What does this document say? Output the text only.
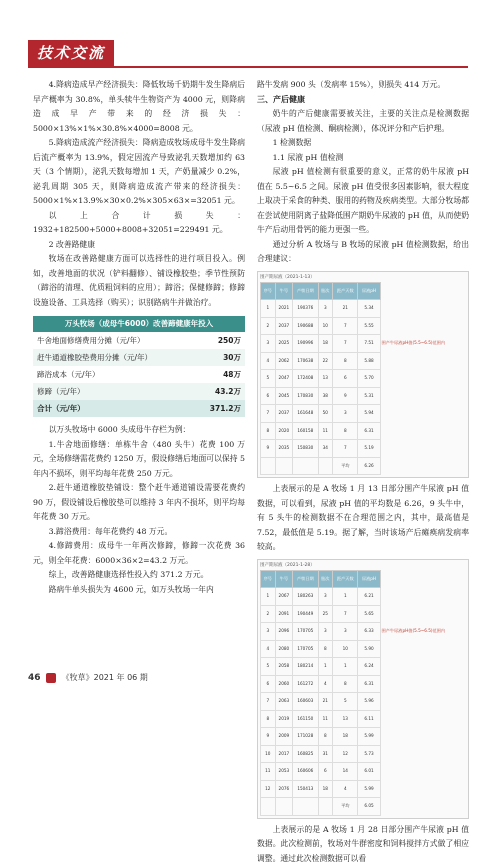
技术交流

4.降病造成早产经济损失：降低牧场千奶期牛发生降病后早产概率为 30.8%，单头犊牛生物资产为 4000 元，则降病造成早产带来的经济损失：5000×13%×1%×30.8%×4000=8008 元。

5.降病造成流产经济损失：降病造成牧场成母牛发生降病后流产概率为 13.9%，假定因流产导致泌乳天数增加约 63 天（3 个情期），泌乳天数每增加 1 天，产奶量减少 0.2%，泌乳周期 305 天，则降病造成流产带来的经济损失：5000×1%×13.9%×30×0.2%×305×63×=32051 元。

以上合计损失：1932+182500+5000+8008+32051=229491 元。

2 改善路健康

牧场在改善路健康方面可以选择性的进行项目投入。例如，改善地面的状况（铲料翻修）、铺设橡胶垫；季节性预防（蹄浴的清理、优质粗饲料的应用）；蹄浴；保健修蹄；修蹄设施设备、工具选择（购买）；识别路病牛并做治疗。

万头牧场（成母牛6000）改善蹄健康年投入
牛舍地面修缮费用分摊（元/年）	250万
赶牛通道橡胶垫费用分摊（元/年）	30万
蹄浴成本（元/年）	48万
修蹄（元/年）	43.2万
合计（元/年）	371.2万

以万头牧场中 6000 头成母牛存栏为例：

1.牛舍地面修缮：单栋牛舍（480 头牛）花费 100 万元，全场修缮需花费约 1250 万，假设修缮后地面可以保持 5 年内不损坏，则平均每年花费 250 万元。

2.赶牛通道橡胶垫铺设：整个赶牛通道铺设需要花费约 90 万，假设铺设后橡胶垫可以维持 3 年内不损坏，则平均每年花费 30 万元。

3.蹄浴费用：每年花费约 48 万元。

4.修蹄费用：成母牛一年两次修蹄，修蹄一次花费 36 元，则全年花费：6000×36×2=43.2 万元。

综上，改善路健康选择性投入约 371.2 万元。

路病牛单头损失为 4600 元，如万头牧场一年内

路牛发病 900 头（发病率 15%），则损失 414 万元。

三、产后健康

奶牛的产后健康需要被关注，主要的关注点是检测数据（尿液 pH 值检测、酮病检测），体况评分和产后护理。

1 检测数据

1.1 尿液 pH 值检测

尿液 pH 值检测有很重要的意义，正常的奶牛尿液 pH 值在 5.5~6.5 之间。尿液 pH 值受很多因素影响，很大程度上取决于采食的种类、服用的药物及疾病类型。大部分牧场都在尝试使用阴离子盐降低围产期奶牛尿液的 pH 值，从而使奶牛产后动用骨钙的能力更强一些。

通过分析 A 牧场与 B 牧场的尿液 pH 值检测数据，给出合理建议：

围产期尿液（2021-1-13）
序号	牛号	产犊日期	胎次	距产天数	尿液pH	
1	2021	190376	3	21	5.34	
2	2037	190688	10	7	5.55	
3	2025	190996	18	7	7.51	围产牛尿液pH值(5.5~6.5)范围内
4	2062	170638	22	8	5.88	
5	2047	172408	13	6	5.70	
6	2045	170830	38	9	5.31	
7	2037	161648	50	3	5.94	
8	2020	160158	11	8	6.31	
9	2035	150830	34	7	5.19	
				平均	6.26	

上表展示的是 A 牧场 1 月 13 日部分围产牛尿液 pH 值数据，可以看到，尿液 pH 值的平均数是 6.26，9 头牛中，有 5 头牛的检测数据不在合理范围之内，其中，最高值是 7.52，最低值是 5.19。据了解，当时该场产后瘫痪病发病率较高。

围产期尿液（2021-1-28）
序号	牛号	产犊日期	胎次	距产天数	尿液pH	
1	2067	180263	3	1	6.21	
2	2091	190449	25	7	5.65	
3	2096	170705	3	3	6.33	围产牛尿液pH值(5.5~6.5)范围内
4	2080	170705	8	10	5.90	
5	2058	180214	1	1	6.24	
6	2060	161272	4	8	6.31	
7	2063	160603	21	5	5.96	
8	2019	161150	11	13	6.11	
9	2009	171028	8	18	5.99	
10	2017	160825	31	12	5.73	
11	2053	160606	6	14	6.01	
12	2076	150413	18	4	5.99	
				平均	6.05	

上表展示的是 A 牧场 1 月 28 日部分围产牛尿液 pH 值数据。此次检测前，牧场对牛群密度和饲料搅拌方式做了相应调整。通过此次检测数据可以看

46	《牧草》2021 年 06 期
